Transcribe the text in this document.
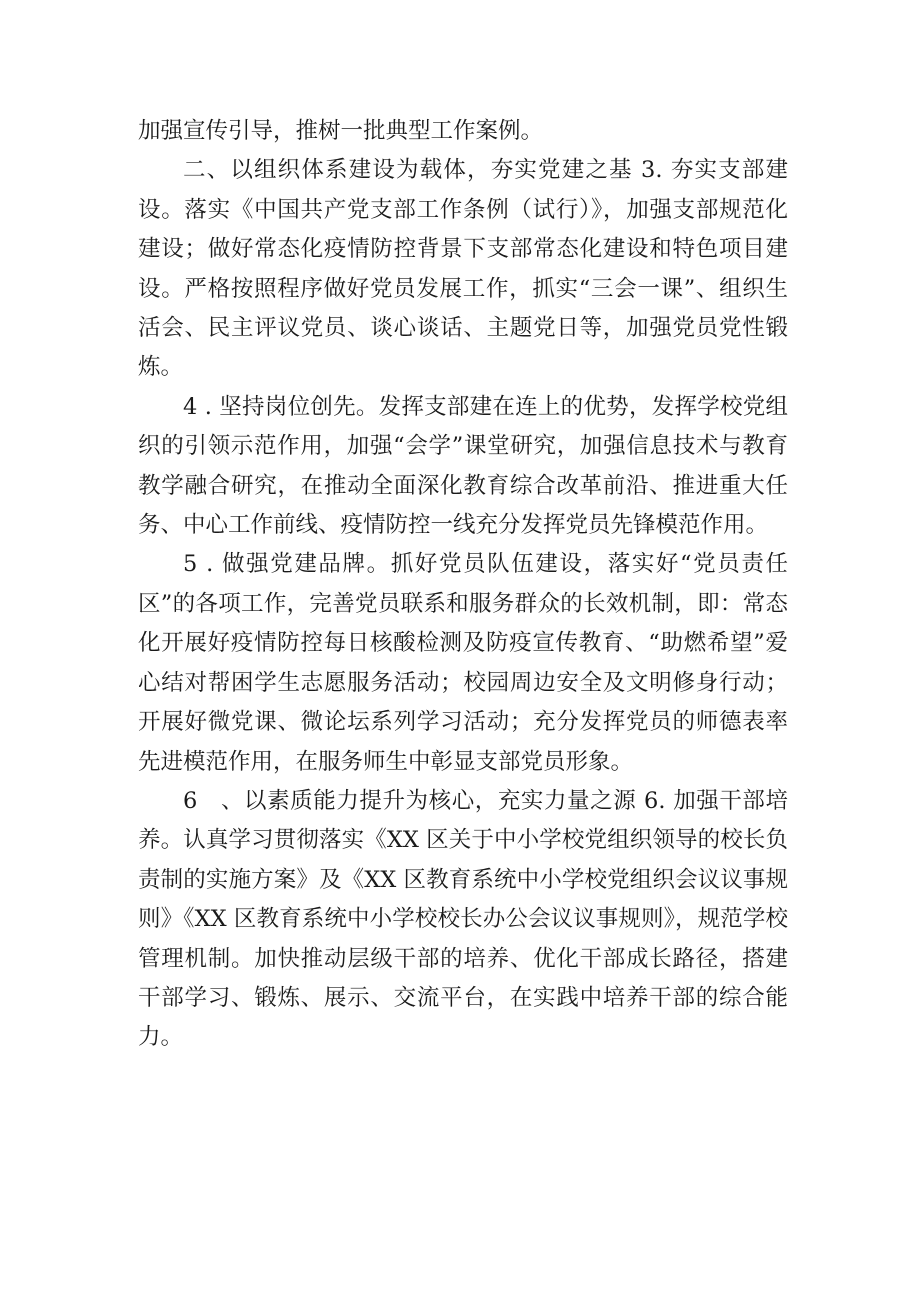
加强宣传引导，推树一批典型工作案例。

二、以组织体系建设为载体，夯实党建之基 3. 夯实支部建设。落实《中国共产党支部工作条例（试行）》，加强支部规范化建设；做好常态化疫情防控背景下支部常态化建设和特色项目建设。严格按照程序做好党员发展工作，抓实“三会一课”、组织生活会、民主评议党员、谈心谈话、主题党日等，加强党员党性锻炼。

4 . 坚持岗位创先。发挥支部建在连上的优势，发挥学校党组织的引领示范作用，加强“会学”课堂研究，加强信息技术与教育教学融合研究，在推动全面深化教育综合改革前沿、推进重大任务、中心工作前线、疫情防控一线充分发挥党员先锋模范作用。

5 . 做强党建品牌。抓好党员队伍建设，落实好“党员责任区”的各项工作，完善党员联系和服务群众的长效机制，即：常态化开展好疫情防控每日核酸检测及防疫宣传教育、“助燃希望”爱心结对帮困学生志愿服务活动；校园周边安全及文明修身行动；开展好微党课、微论坛系列学习活动；充分发挥党员的师德表率先进模范作用，在服务师生中彰显支部党员形象。

6　、以素质能力提升为核心，充实力量之源 6. 加强干部培养。认真学习贯彻落实《XX 区关于中小学校党组织领导的校长负责制的实施方案》及《XX 区教育系统中小学校党组织会议议事规则》《XX 区教育系统中小学校校长办公会议议事规则》，规范学校管理机制。加快推动层级干部的培养、优化干部成长路径，搭建干部学习、锻炼、展示、交流平台，在实践中培养干部的综合能力。
